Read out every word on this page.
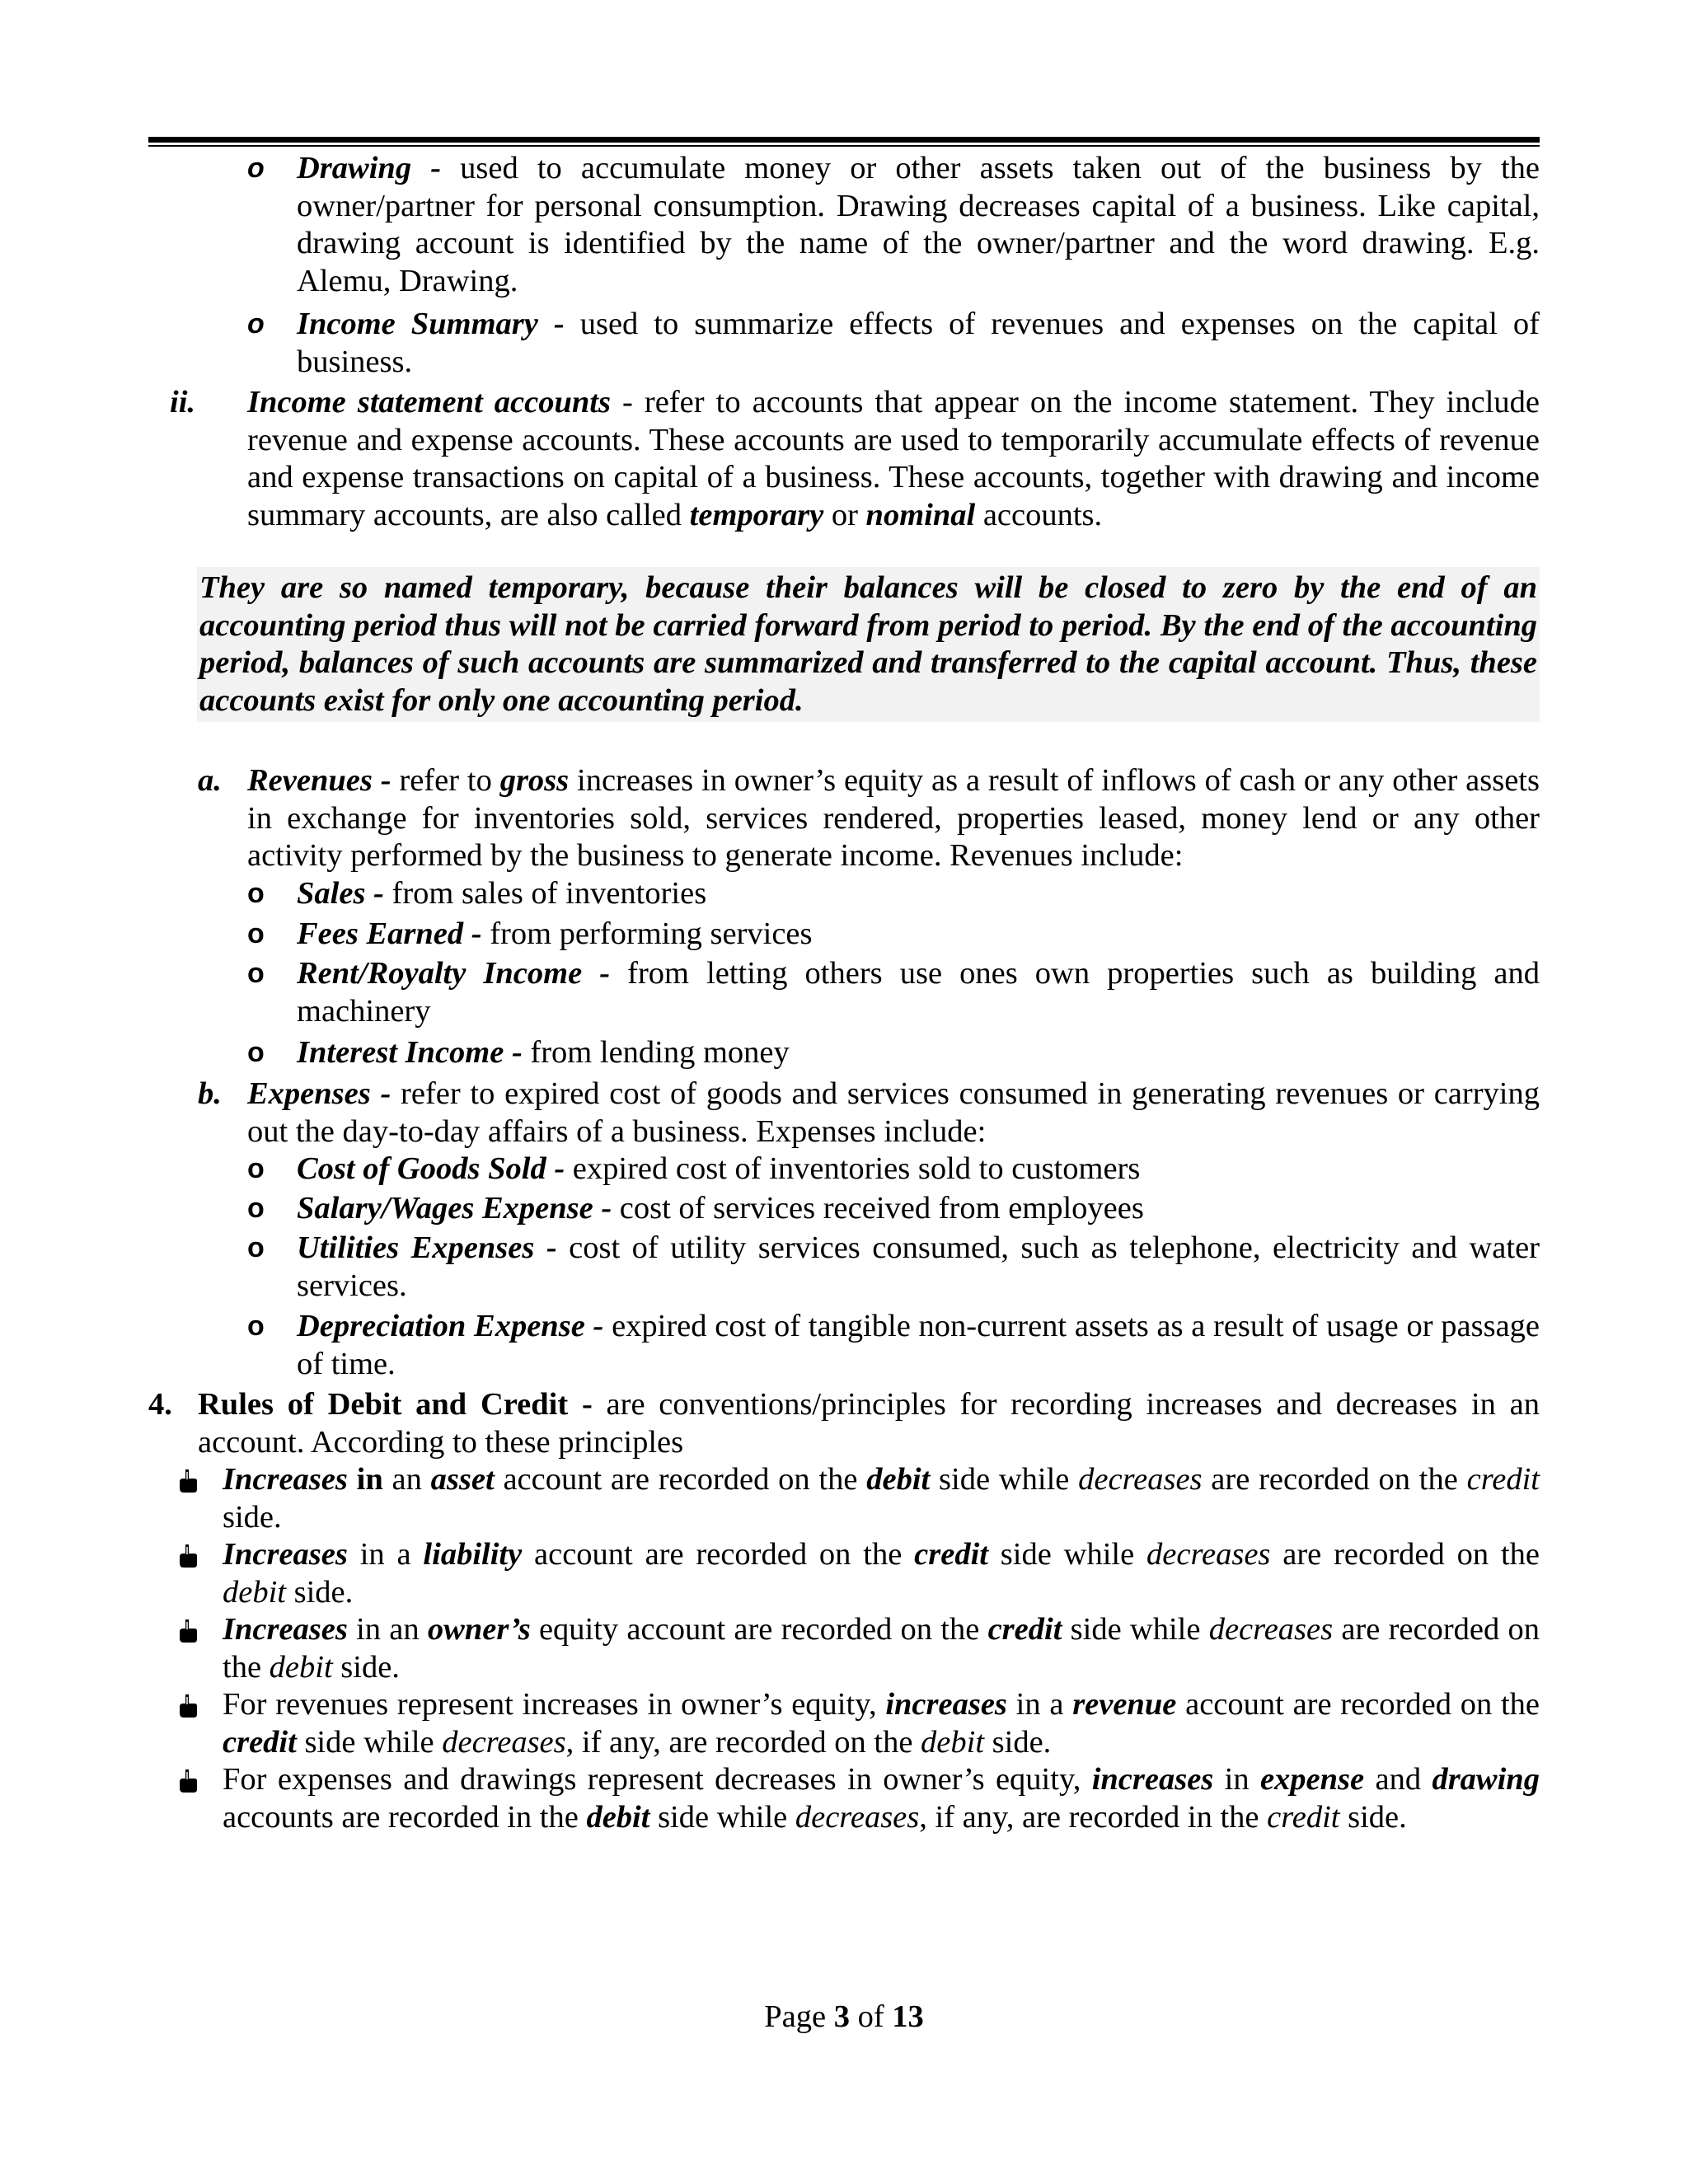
o Drawing - used to accumulate money or other assets taken out of the business by the owner/partner for personal consumption. Drawing decreases capital of a business. Like capital, drawing account is identified by the name of the owner/partner and the word drawing. E.g. Alemu, Drawing.
o Income Summary - used to summarize effects of revenues and expenses on the capital of business.
ii. Income statement accounts - refer to accounts that appear on the income statement. They include revenue and expense accounts. These accounts are used to temporarily accumulate effects of revenue and expense transactions on capital of a business. These accounts, together with drawing and income summary accounts, are also called temporary or nominal accounts.

They are so named temporary, because their balances will be closed to zero by the end of an accounting period thus will not be carried forward from period to period. By the end of the accounting period, balances of such accounts are summarized and transferred to the capital account. Thus, these accounts exist for only one accounting period.

a. Revenues - refer to gross increases in owner’s equity as a result of inflows of cash or any other assets in exchange for inventories sold, services rendered, properties leased, money lend or any other activity performed by the business to generate income. Revenues include:
o Sales - from sales of inventories
o Fees Earned - from performing services
o Rent/Royalty Income - from letting others use ones own properties such as building and machinery
o Interest Income - from lending money
b. Expenses - refer to expired cost of goods and services consumed in generating revenues or carrying out the day-to-day affairs of a business. Expenses include:
o Cost of Goods Sold - expired cost of inventories sold to customers
o Salary/Wages Expense - cost of services received from employees
o Utilities Expenses - cost of utility services consumed, such as telephone, electricity and water services.
o Depreciation Expense - expired cost of tangible non-current assets as a result of usage or passage of time.
4. Rules of Debit and Credit - are conventions/principles for recording increases and decreases in an account. According to these principles
Increases in an asset account are recorded on the debit side while decreases are recorded on the credit side.
Increases in a liability account are recorded on the credit side while decreases are recorded on the debit side.
Increases in an owner’s equity account are recorded on the credit side while decreases are recorded on the debit side.
For revenues represent increases in owner’s equity, increases in a revenue account are recorded on the credit side while decreases, if any, are recorded on the debit side.
For expenses and drawings represent decreases in owner’s equity, increases in expense and drawing accounts are recorded in the debit side while decreases, if any, are recorded in the credit side.
Page 3 of 13
